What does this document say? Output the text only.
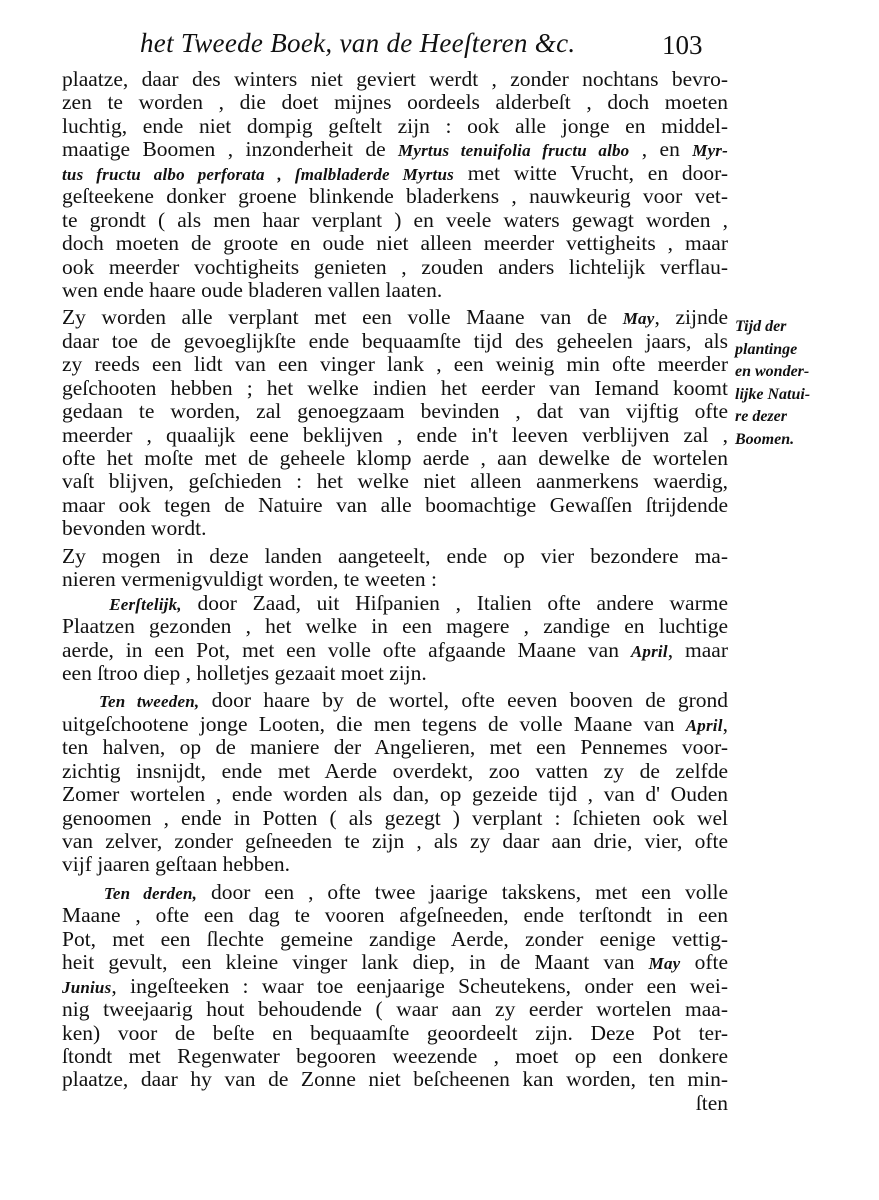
het Tweede Boek, van de Heeſteren &c.	103
plaatze, daar des winters niet geviert werdt , zonder nochtans bevro-
zen te worden , die doet mijnes oordeels alderbeſt , doch moeten
luchtig, ende niet dompig geſtelt zijn : ook alle jonge en middel-
maatige Boomen , inzonderheit de Myrtus tenuifolia fructu albo , en Myr-
tus fructu albo perforata , ſmalbladerde Myrtus met witte Vrucht, en door-
geſteekene donker groene blinkende bladerkens , nauwkeurig voor vet-
te grondt ( als men haar verplant ) en veele waters gewagt worden ,
doch moeten de groote en oude niet alleen meerder vettigheits , maar
ook meerder vochtigheits genieten , zouden anders lichtelijk verflau-
wen ende haare oude bladeren vallen laaten.
Zy worden alle verplant met een volle Maane van de May, zijnde
daar toe de gevoeglijkſte ende bequaamſte tijd des geheelen jaars, als
zy reeds een lidt van een vinger lank , een weinig min ofte meerder
geſchooten hebben ; het welke indien het eerder van Iemand koomt
gedaan te worden, zal genoegzaam bevinden , dat van vijftig ofte
meerder , quaalijk eene beklijven , ende in't leeven verblijven zal ,
ofte het moſte met de geheele klomp aerde , aan dewelke de wortelen
vaſt blijven, geſchieden : het welke niet alleen aanmerkens waerdig,
maar ook tegen de Natuire van alle boomachtige Gewaſſen ſtrijdende
bevonden wordt.
Zy mogen in deze landen aangeteelt, ende op vier bezondere ma-
nieren vermenigvuldigt worden, te weeten :
Eerſtelijk, door Zaad, uit Hiſpanien , Italien ofte andere warme
Plaatzen gezonden , het welke in een magere , zandige en luchtige
aerde, in een Pot, met een volle ofte afgaande Maane van April, maar
een ſtroo diep , holletjes gezaait moet zijn.
Ten tweeden, door haare by de wortel, ofte eeven booven de grond
uitgeſchootene jonge Looten, die men tegens de volle Maane van April,
ten halven, op de maniere der Angelieren, met een Pennemes voor-
zichtig insnijdt, ende met Aerde overdekt, zoo vatten zy de zelfde
Zomer wortelen , ende worden als dan, op gezeide tijd , van d' Ouden
genoomen , ende in Potten ( als gezegt ) verplant : ſchieten ook wel
van zelver, zonder geſneeden te zijn , als zy daar aan drie, vier, ofte
vijf jaaren geſtaan hebben.
Ten derden, door een , ofte twee jaarige takskens, met een volle
Maane , ofte een dag te vooren afgeſneeden, ende terſtondt in een
Pot, met een ſlechte gemeine zandige Aerde, zonder eenige vettig-
heit gevult, een kleine vinger lank diep, in de Maant van May ofte
Junius, ingeſteeken : waar toe eenjaarige Scheutekens, onder een wei-
nig tweejaarig hout behoudende ( waar aan zy eerder wortelen maa-
ken) voor de beſte en bequaamſte geoordeelt zijn. Deze Pot ter-
ſtondt met Regenwater begooren weezende , moet op een donkere
plaatze, daar hy van de Zonne niet beſcheenen kan worden, ten min-
ſten
Tijd der
plantinge
en wonder-
lijke Natui-
re dezer
Boomen.
